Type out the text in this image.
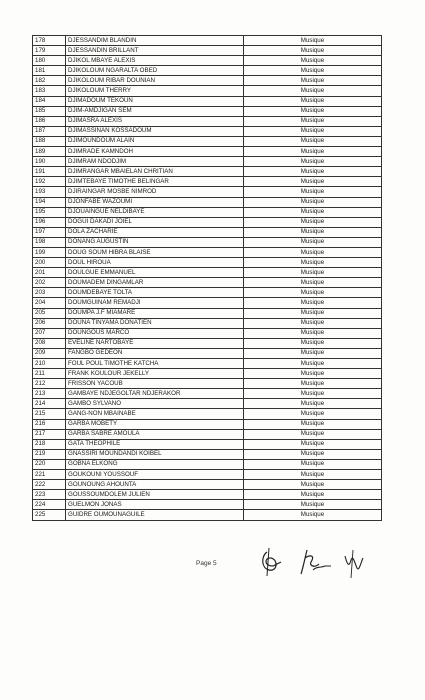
178	DJESSANDIM BLANDIN	Musique
179	DJESSANDIN BRILLANT	Musique
180	DJIKOL MBAYE ALEXIS	Musique
181	DJIKOLOUM NGARALTA OBED	Musique
182	DJIKOLOUM RIBAR DOUNIAN	Musique
183	DJIKOLOUM THERRY	Musique
184	DJIMADOUM TEKOUN	Musique
185	DJIM-AMDJIGAN SEM	Musique
186	DJIMASRA ALEXIS	Musique
187	DJIMASSINAN KOSSADOUM	Musique
188	DJIMOUNDOUM ALAIN	Musique
189	DJIMRADE KAMNDOH	Musique
190	DJIMRAM NDODJIM	Musique
191	DJIMRANGAR MBAIELAN CHRITIAN	Musique
192	DJIMTEBAYE TIMOTHE BELINGAR	Musique
193	DJIRAINGAR MOSBE NIMROD	Musique
194	DJONFABE WAZOUMI	Musique
195	DJOUAINGUE NELDIBAYE	Musique
196	DOGUI DAKADI JOIEL	Musique
197	DOLA ZACHARIE	Musique
198	DONANG AUGUSTIN	Musique
199	DOUG SOUM HIBRA BLAISE	Musique
200	DOUL HIROUA	Musique
201	DOULGUE EMMANUEL	Musique
202	DOUMADEM DINGAMLAR	Musique
203	DOUMDEBAYE TOLTA	Musique
204	DOUMGUINAM REMADJI	Musique
205	DOUMPA J.F MIAMARE	Musique
206	DOUNA TINYAMA DONATIEN	Musique
207	DOUNGOUS MARCO	Musique
208	EVELINE NARTOBAYE	Musique
209	FANGBO GEDEON	Musique
210	FOUL POUL TIMOTHE KATCHA	Musique
211	FRANK KOULOUR JEKELLY	Musique
212	FRISSON YACOUB	Musique
213	GAMBAYE NDJEGOLTAR NDJERAKOR	Musique
214	GAMBO SYLVANO	Musique
215	GANG-NON MBAINABE	Musique
216	GARBA MOBETY	Musique
217	GARBA SABRE AMOULA	Musique
218	GATA THEOPHILE	Musique
219	GNASSIRI MOUNDANDI KOIBEL	Musique
220	GOBNA ELKONG	Musique
221	GOUKOUNI YOUSSOUF	Musique
222	GOUNOUNG AHOUNTA	Musique
223	GOUSSOUMDOLEM JULIEN	Musique
224	GUELMON JONAS	Musique
225	GUIDRE OUMOUNAGUILE	Musique
Page 5
